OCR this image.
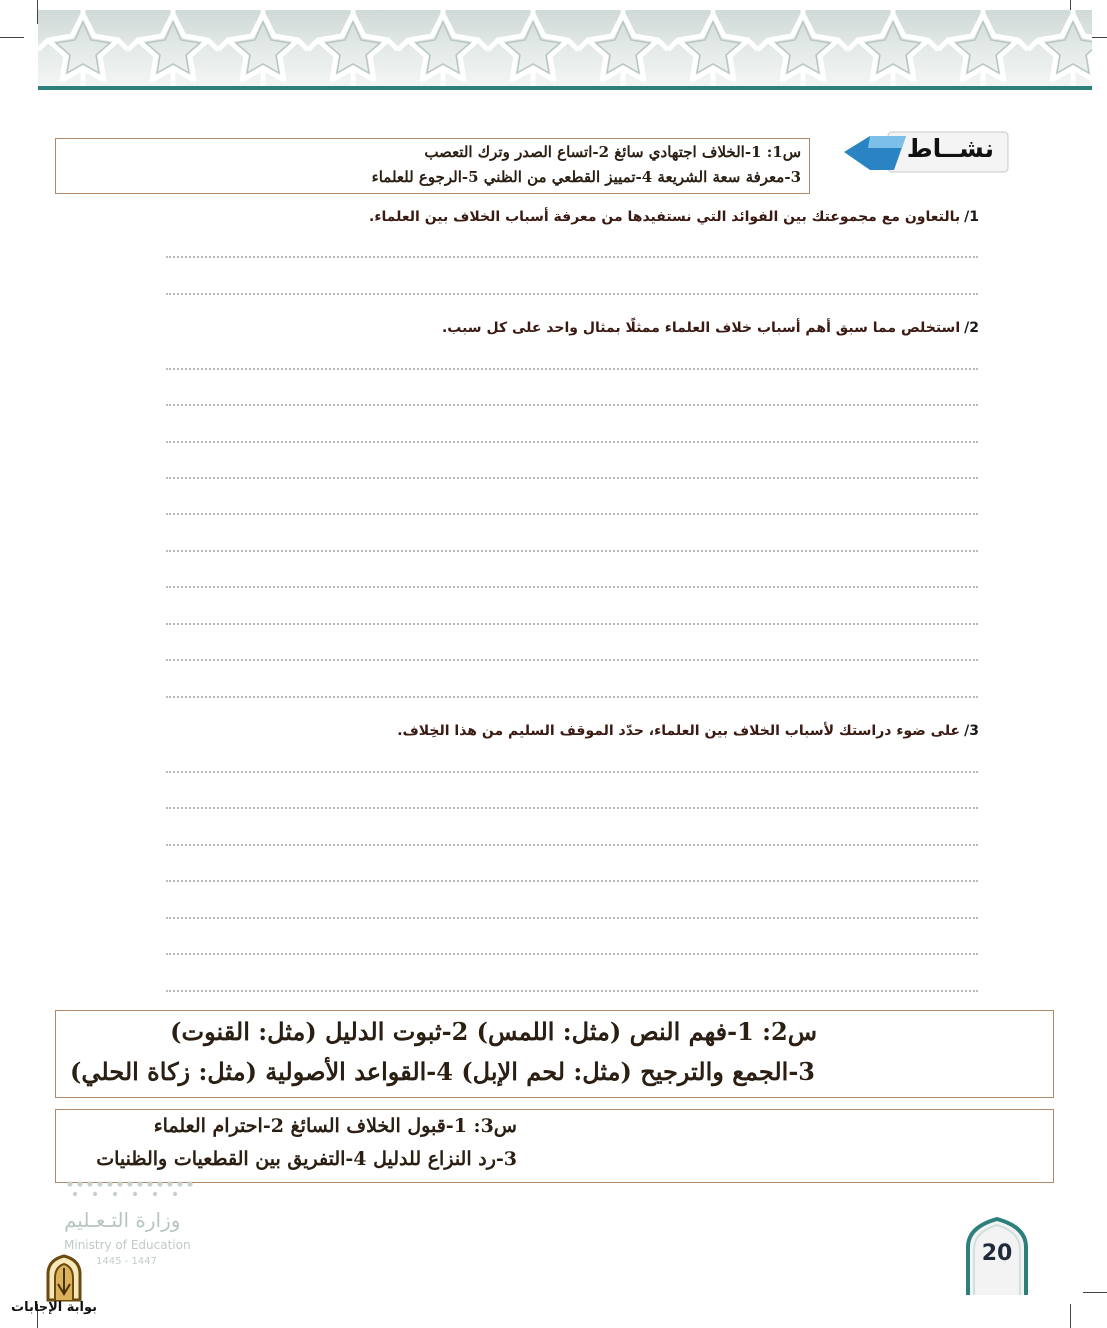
نشــاط
س1: 1-الخلاف اجتهادي سائغ 2-اتساع الصدر وترك التعصب
3-معرفة سعة الشريعة 4-تمييز القطعي من الظني 5-الرجوع للعلماء
1/بالتعاون مع مجموعتك بين الفوائد التي نستفيدها من معرفة أسباب الخلاف بين العلماء.
2/استخلص مما سبق أهم أسباب خلاف العلماء ممثلًا بمثال واحد على كل سبب.
3/على ضوء دراستك لأسباب الخلاف بين العلماء، حدّد الموقف السليم من هذا الخِلاف.
س2: 1-فهم النص (مثل: اللمس) 2-ثبوت الدليل (مثل: القنوت)
3-الجمع والترجيح (مثل: لحم الإبل) 4-القواعد الأصولية (مثل: زكاة الحلي)
س3: 1-قبول الخلاف السائغ 2-احترام العلماء
3-رد النزاع للدليل 4-التفريق بين القطعيات والظنيات
وزارة التـعـليم
Ministry of Education
1445 - 1447	20
بوابة الإجابات
